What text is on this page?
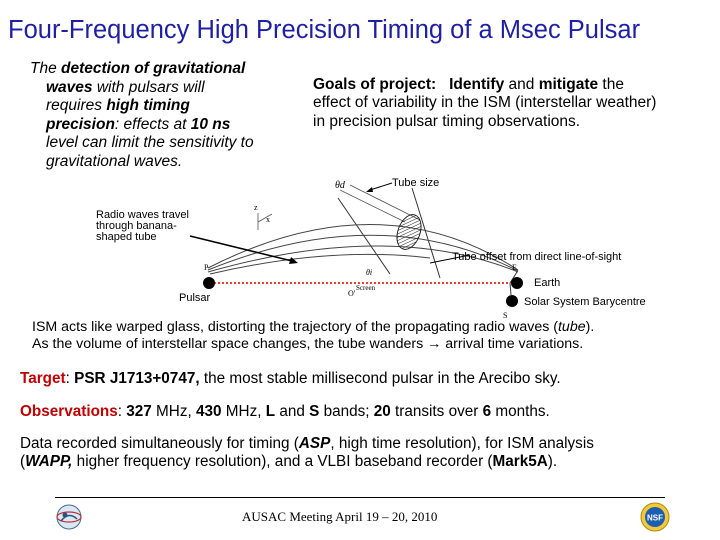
Four-Frequency High Precision Timing of a Msec Pulsar
The detection of gravitational
waves with pulsars will
requires high timing
precision: effects at 10 ns
level can limit the sensitivity to
gravitational waves.
Goals of project: Identify and mitigate the
effect of variability in the ISM (interstellar weather)
in precision pulsar timing observations.
θd
z
x
P
O'
θi
E
Screen
S
Tube size
Radio waves travel
through banana-
shaped tube
Tube offset from direct line-of-sight
Earth
Pulsar	Solar System Barycentre
ISM acts like warped glass, distorting the trajectory of the propagating radio waves (tube).
As the volume of interstellar space changes, the tube wanders → arrival time variations.
Target: PSR J1713+0747, the most stable millisecond pulsar in the Arecibo sky.
Observations: 327 MHz, 430 MHz, L and S bands; 20 transits over 6 months.
Data recorded simultaneously for timing (ASP, high time resolution), for ISM analysis
(WAPP, higher frequency resolution), and a VLBI baseband recorder (Mark5A).
AUSAC Meeting April 19 – 20, 2010	NSF
